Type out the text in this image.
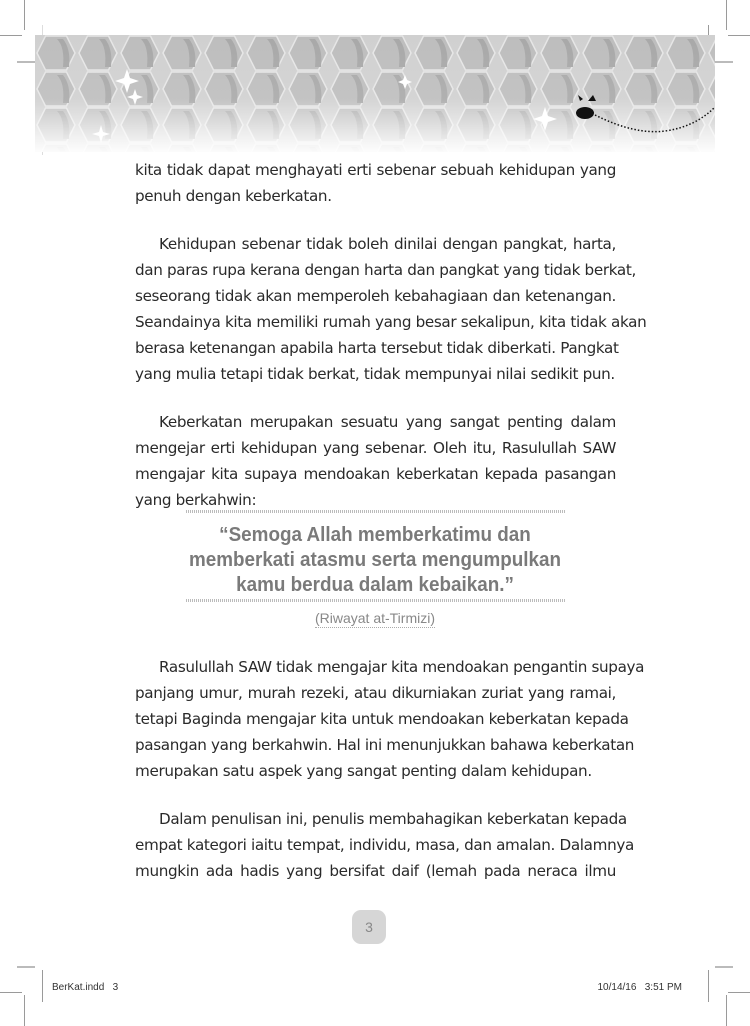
kita tidak dapat menghayati erti sebenar sebuah kehidupan yang
penuh dengan keberkatan.
Kehidupan sebenar tidak boleh dinilai dengan pangkat, harta,
dan paras rupa kerana dengan harta dan pangkat yang tidak berkat,
seseorang tidak akan memperoleh kebahagiaan dan ketenangan.
Seandainya kita memiliki rumah yang besar sekalipun, kita tidak akan
berasa ketenangan apabila harta tersebut tidak diberkati. Pangkat
yang mulia tetapi tidak berkat, tidak mempunyai nilai sedikit pun.
Keberkatan merupakan sesuatu yang sangat penting dalam
mengejar erti kehidupan yang sebenar. Oleh itu, Rasulullah SAW
mengajar kita supaya mendoakan keberkatan kepada pasangan
yang berkahwin:
Rasulullah SAW tidak mengajar kita mendoakan pengantin supaya
panjang umur, murah rezeki, atau dikurniakan zuriat yang ramai,
tetapi Baginda mengajar kita untuk mendoakan keberkatan kepada
pasangan yang berkahwin. Hal ini menunjukkan bahawa keberkatan
merupakan satu aspek yang sangat penting dalam kehidupan.
Dalam penulisan ini, penulis membahagikan keberkatan kepada
empat kategori iaitu tempat, individu, masa, dan amalan. Dalamnya
mungkin ada hadis yang bersifat daif (lemah pada neraca ilmu
“Semoga Allah memberkatimu dan
memberkati atasmu serta mengumpulkan
kamu berdua dalam kebaikan.”
(Riwayat at-Tirmizi)
3
BerKat.indd   3	10/14/16   3:51 PM
